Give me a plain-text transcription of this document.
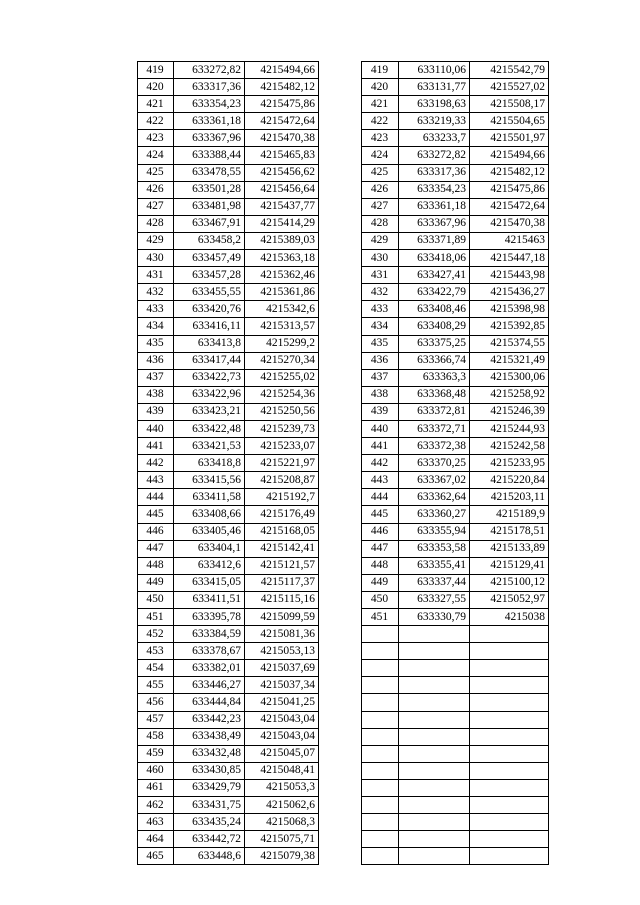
419	633272,82	4215494,66	
420	633317,36	4215482,12	
421	633354,23	4215475,86	
422	633361,18	4215472,64	
423	633367,96	4215470,38	
424	633388,44	4215465,83	
425	633478,55	4215456,62	
426	633501,28	4215456,64	
427	633481,98	4215437,77	
428	633467,91	4215414,29	
429	633458,2	4215389,03	
430	633457,49	4215363,18	
431	633457,28	4215362,46	
432	633455,55	4215361,86	
433	633420,76	4215342,6	
434	633416,11	4215313,57	
435	633413,8	4215299,2	
436	633417,44	4215270,34	
437	633422,73	4215255,02	
438	633422,96	4215254,36	
439	633423,21	4215250,56	
440	633422,48	4215239,73	
441	633421,53	4215233,07	
442	633418,8	4215221,97	
443	633415,56	4215208,87	
444	633411,58	4215192,7	
445	633408,66	4215176,49	
446	633405,46	4215168,05	
447	633404,1	4215142,41	
448	633412,6	4215121,57	
449	633415,05	4215117,37	
450	633411,51	4215115,16	
451	633395,78	4215099,59	
452	633384,59	4215081,36	
453	633378,67	4215053,13	
454	633382,01	4215037,69	
455	633446,27	4215037,34	
456	633444,84	4215041,25	
457	633442,23	4215043,04	
458	633438,49	4215043,04	
459	633432,48	4215045,07	
460	633430,85	4215048,41	
461	633429,79	4215053,3	
462	633431,75	4215062,6	
463	633435,24	4215068,3	
464	633442,72	4215075,71	
465	633448,6	4215079,38	
419	633110,06	4215542,79
420	633131,77	4215527,02
421	633198,63	4215508,17
422	633219,33	4215504,65
423	633233,7	4215501,97
424	633272,82	4215494,66
425	633317,36	4215482,12
426	633354,23	4215475,86
427	633361,18	4215472,64
428	633367,96	4215470,38
429	633371,89	4215463
430	633418,06	4215447,18
431	633427,41	4215443,98
432	633422,79	4215436,27
433	633408,46	4215398,98
434	633408,29	4215392,85
435	633375,25	4215374,55
436	633366,74	4215321,49
437	633363,3	4215300,06
438	633368,48	4215258,92
439	633372,81	4215246,39
440	633372,71	4215244,93
441	633372,38	4215242,58
442	633370,25	4215233,95
443	633367,02	4215220,84
444	633362,64	4215203,11
445	633360,27	4215189,9
446	633355,94	4215178,51
447	633353,58	4215133,89
448	633355,41	4215129,41
449	633337,44	4215100,12
450	633327,55	4215052,97
451	633330,79	4215038
